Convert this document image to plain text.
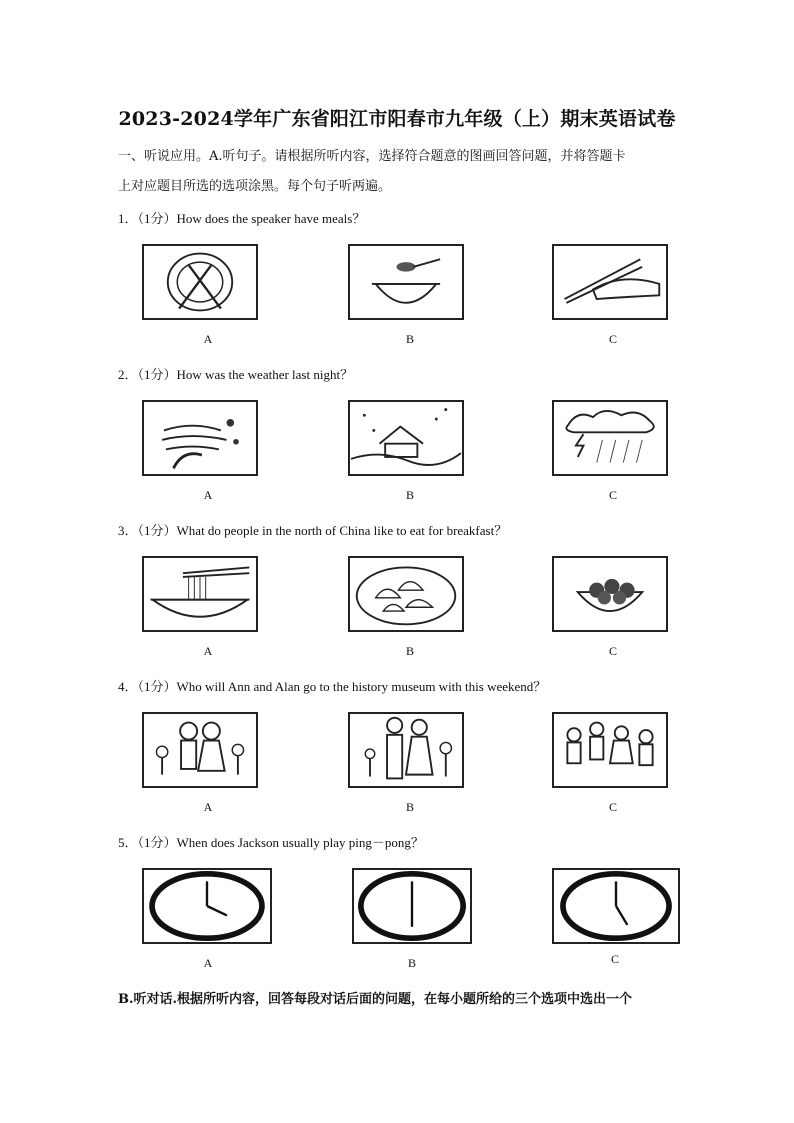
2023-2024学年广东省阳江市阳春市九年级（上）期末英语试卷
一、听说应用。A.听句子。请根据所听内容，选择符合题意的图画回答问题，并将答题卡
上对应题目所选的选项涂黑。每个句子听两遍。
1．（1分）How does the speaker have meals？
A	B	C
2．（1分）How was the weather last night？
A	B	C
3．（1分）What do people in the north of China like to eat for breakfast？
A	B	C
4．（1分）Who will Ann and Alan go to the history museum with this weekend？
A	B	C
5．（1分）When does Jackson usually play ping－pong？
A	B	C
B.听对话.根据所听内容，回答每段对话后面的问题，在每小题所给的三个选项中选出一个
